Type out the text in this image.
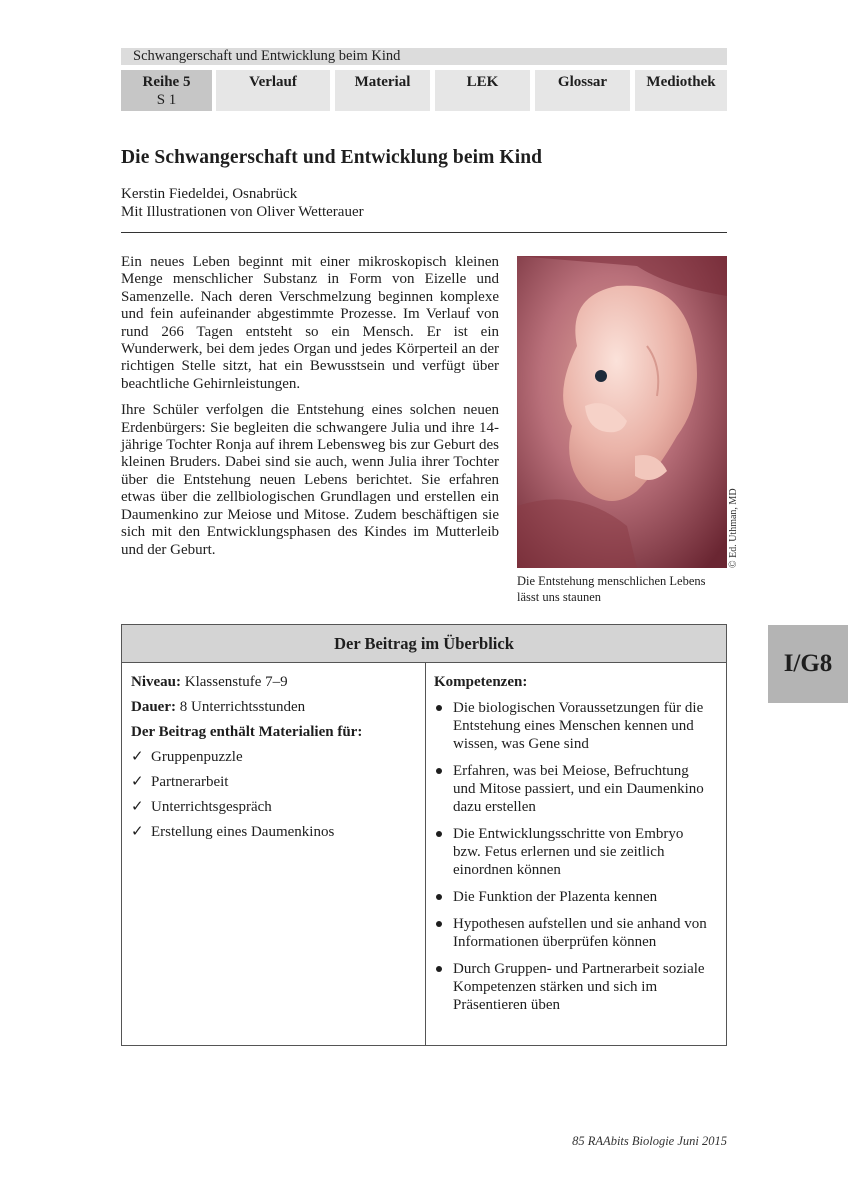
Schwangerschaft und Entwicklung beim Kind
Reihe 5
S 1
Verlauf	Material	LEK	Glossar	Mediothek
Die Schwangerschaft und Entwicklung beim Kind
Kerstin Fiedeldei, Osnabrück
Mit Illustrationen von Oliver Wetterauer

Ein neues Leben beginnt mit einer mikroskopisch kleinen Menge menschlicher Substanz in Form von Eizelle und Samenzelle. Nach deren Verschmelzung beginnen komplexe und fein aufeinander abgestimmte Prozesse. Im Verlauf von rund 266 Tagen entsteht so ein Mensch. Er ist ein Wunderwerk, bei dem jedes Organ und jedes Körperteil an der richtigen Stelle sitzt, hat ein Bewusstsein und verfügt über beachtliche Gehirnleistungen.

Ihre Schüler verfolgen die Entstehung eines solchen neuen Erdenbürgers: Sie begleiten die schwangere Julia und ihre 14-jährige Tochter Ronja auf ihrem Lebensweg bis zur Geburt des kleinen Bruders. Dabei sind sie auch, wenn Julia ihrer Tochter über die Entstehung neuen Lebens berichtet. Sie erfahren etwas über die zellbiologischen Grundlagen und erstellen ein Daumenkino zur Meiose und Mitose. Zudem beschäftigen sie sich mit den Entwicklungsphasen des Kindes im Mutterleib und der Geburt.	© Ed. Uthman, MD
Die Entstehung menschlichen Lebens lässt uns staunen
I/G8
Der Beitrag im Überblick
Niveau: Klassenstufe 7–9
Dauer: 8 Unterrichtsstunden
Der Beitrag enthält Materialien für:
✓ Gruppenpuzzle
✓ Partnerarbeit
✓ Unterrichtsgespräch
✓ Erstellung eines Daumenkinos
Kompetenzen:
Die biologischen Voraussetzungen für die Entstehung eines Menschen kennen und wissen, was Gene sind
Erfahren, was bei Meiose, Befruchtung und Mitose passiert, und ein Daumenkino dazu erstellen
Die Entwicklungsschritte von Embryo bzw. Fetus erlernen und sie zeitlich einordnen können
Die Funktion der Plazenta kennen
Hypothesen aufstellen und sie anhand von Informationen überprüfen können
Durch Gruppen- und Partnerarbeit soziale Kompetenzen stärken und sich im Präsentieren üben
85 RAAbits Biologie Juni 2015
